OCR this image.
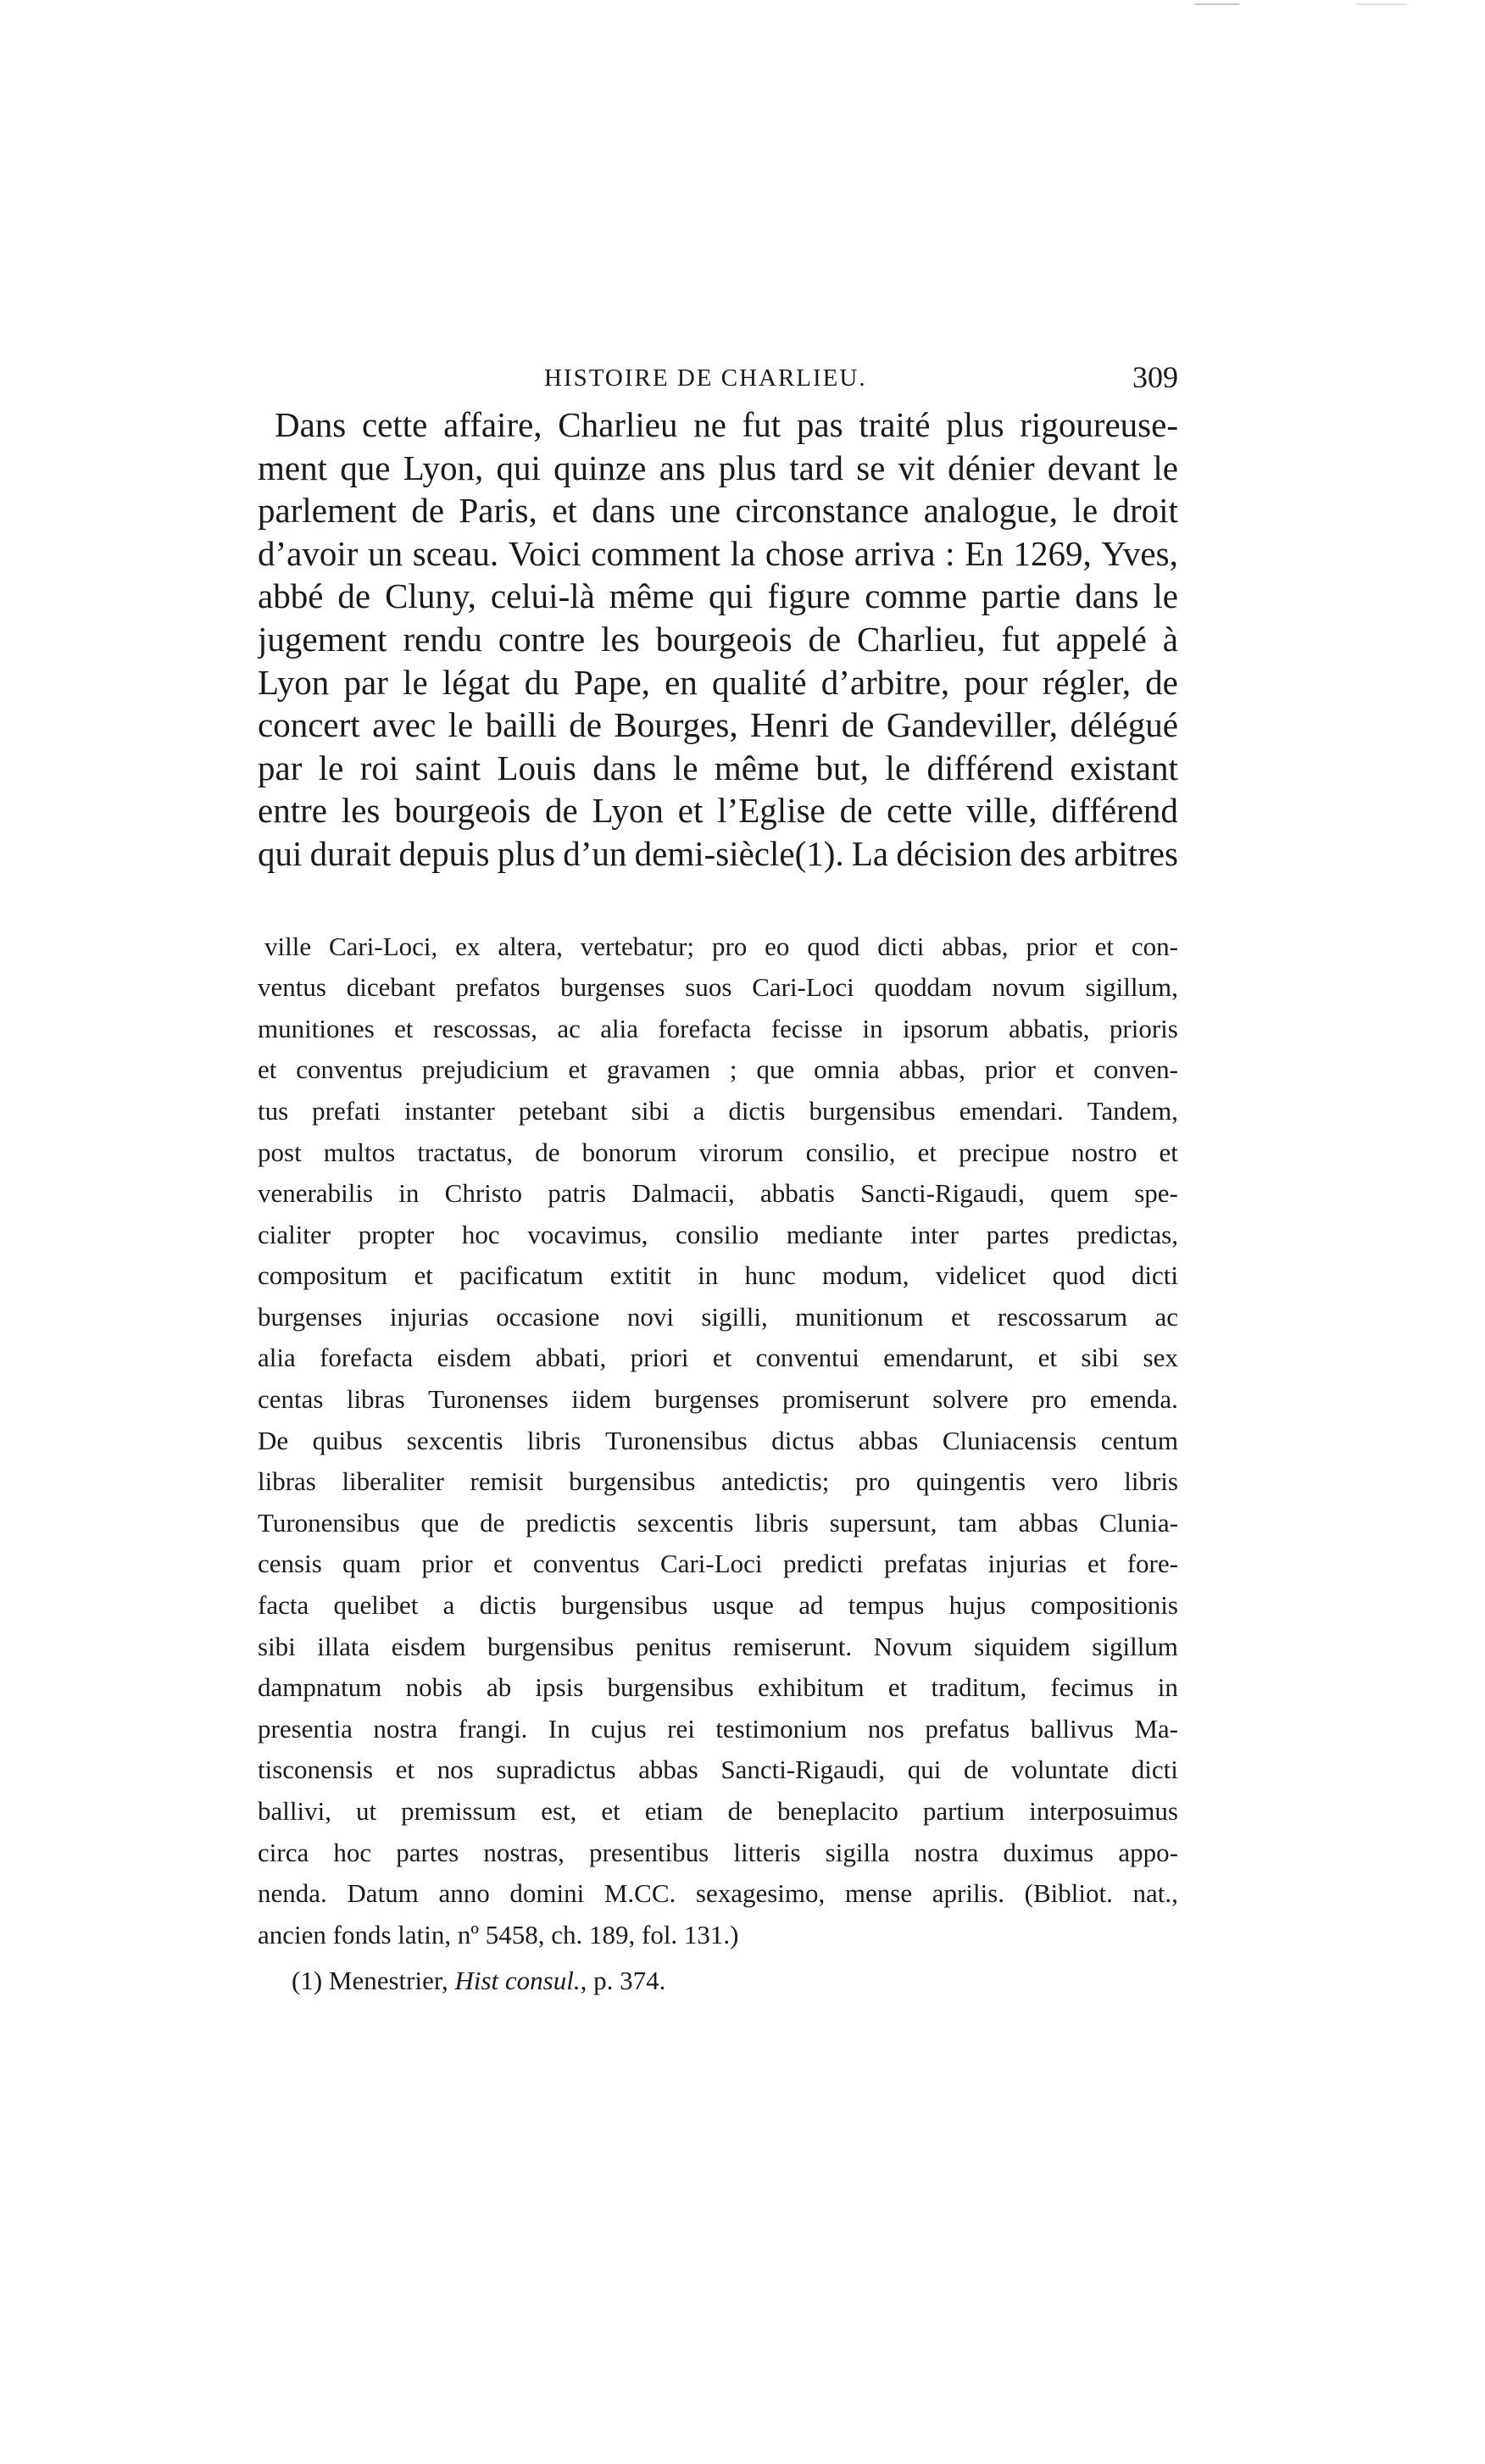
HISTOIRE DE CHARLIEU.	309
Dans cette affaire, Charlieu ne fut pas traité plus rigoureuse-
ment que Lyon, qui quinze ans plus tard se vit dénier devant le
parlement de Paris, et dans une circonstance analogue, le droit
d’avoir un sceau. Voici comment la chose arriva : En 1269, Yves,
abbé de Cluny, celui-là même qui figure comme partie dans le
jugement rendu contre les bourgeois de Charlieu, fut appelé à
Lyon par le légat du Pape, en qualité d’arbitre, pour régler, de
concert avec le bailli de Bourges, Henri de Gandeviller, délégué
par le roi saint Louis dans le même but, le différend existant
entre les bourgeois de Lyon et l’Eglise de cette ville, différend
qui durait depuis plus d’un demi-siècle(1). La décision des arbitres
ville Cari-Loci, ex altera, vertebatur; pro eo quod dicti abbas, prior et con-
ventus dicebant prefatos burgenses suos Cari-Loci quoddam novum sigillum,
munitiones et rescossas, ac alia forefacta fecisse in ipsorum abbatis, prioris
et conventus prejudicium et gravamen ; que omnia abbas, prior et conven-
tus prefati instanter petebant sibi a dictis burgensibus emendari. Tandem,
post multos tractatus, de bonorum virorum consilio, et precipue nostro et
venerabilis in Christo patris Dalmacii, abbatis Sancti-Rigaudi, quem spe-
cialiter propter hoc vocavimus, consilio mediante inter partes predictas,
compositum et pacificatum extitit in hunc modum, videlicet quod dicti
burgenses injurias occasione novi sigilli, munitionum et rescossarum ac
alia forefacta eisdem abbati, priori et conventui emendarunt, et sibi sex
centas libras Turonenses iidem burgenses promiserunt solvere pro emenda.
De quibus sexcentis libris Turonensibus dictus abbas Cluniacensis centum
libras liberaliter remisit burgensibus antedictis; pro quingentis vero libris
Turonensibus que de predictis sexcentis libris supersunt, tam abbas Clunia-
censis quam prior et conventus Cari-Loci predicti prefatas injurias et fore-
facta quelibet a dictis burgensibus usque ad tempus hujus compositionis
sibi illata eisdem burgensibus penitus remiserunt. Novum siquidem sigillum
dampnatum nobis ab ipsis burgensibus exhibitum et traditum, fecimus in
presentia nostra frangi. In cujus rei testimonium nos prefatus ballivus Ma-
tisconensis et nos supradictus abbas Sancti-Rigaudi, qui de voluntate dicti
ballivi, ut premissum est, et etiam de beneplacito partium interposuimus
circa hoc partes nostras, presentibus litteris sigilla nostra duximus appo-
nenda. Datum anno domini M.CC. sexagesimo, mense aprilis. (Bibliot. nat.,
ancien fonds latin, nº 5458, ch. 189, fol. 131.)
(1) Menestrier, Hist consul., p. 374.
